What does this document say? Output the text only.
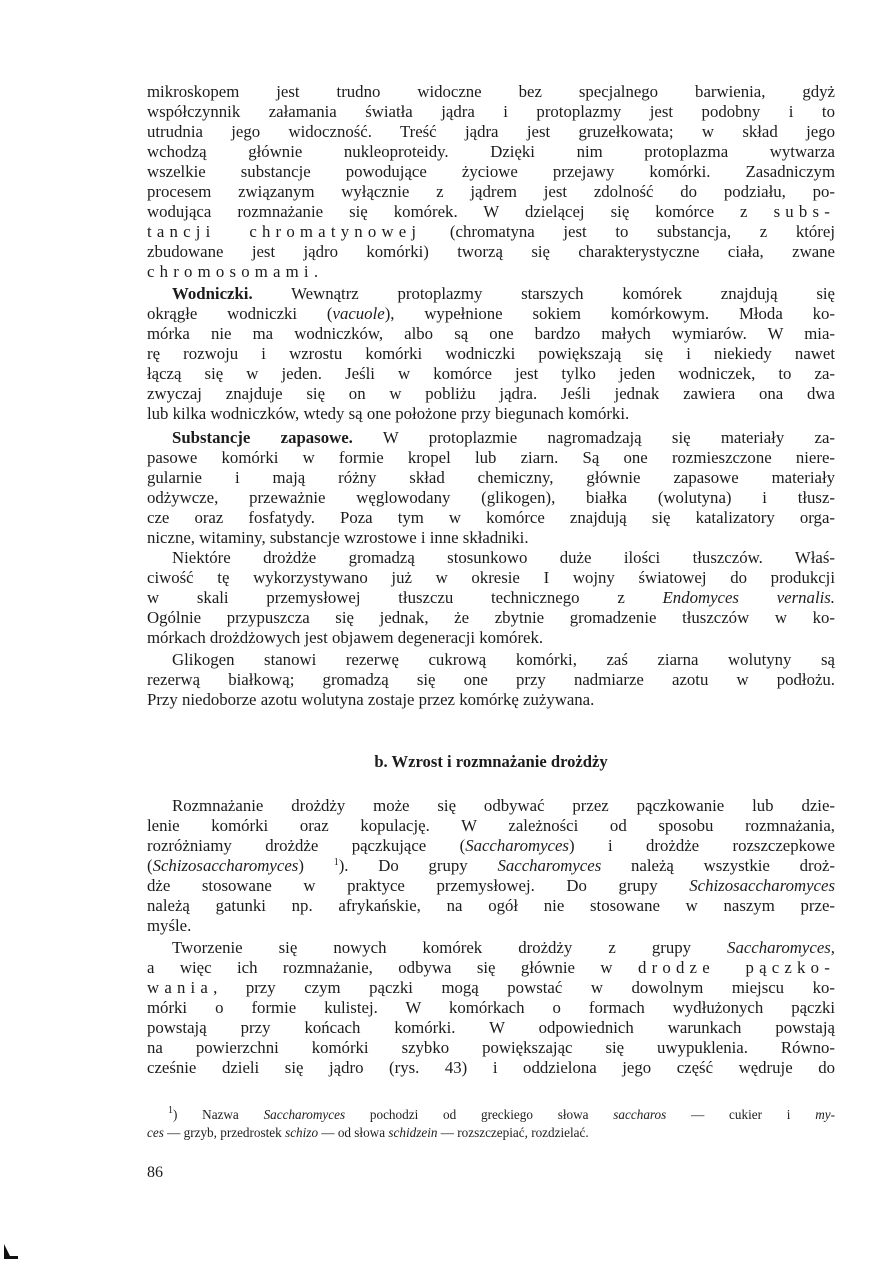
mikroskopem jest trudno widoczne bez specjalnego barwienia, gdyż
współczynnik załamania światła jądra i protoplazmy jest podobny i to
utrudnia jego widoczność. Treść jądra jest gruzełkowata; w skład jego
wchodzą głównie nukleoproteidy. Dzięki nim protoplazma wytwarza
wszelkie substancje powodujące życiowe przejawy komórki. Zasadniczym
procesem związanym wyłącznie z jądrem jest zdolność do podziału, po-
wodująca rozmnażanie się komórek. W dzielącej się komórce z subs-
tancji chromatynowej (chromatyna jest to substancja, z której
zbudowane jest jądro komórki) tworzą się charakterystyczne ciała, zwane
chromosomami.
Wodniczki. Wewnątrz protoplazmy starszych komórek znajdują się
okrągłe wodniczki (vacuole), wypełnione sokiem komórkowym. Młoda ko-
mórka nie ma wodniczków, albo są one bardzo małych wymiarów. W mia-
rę rozwoju i wzrostu komórki wodniczki powiększają się i niekiedy nawet
łączą się w jeden. Jeśli w komórce jest tylko jeden wodniczek, to za-
zwyczaj znajduje się on w pobliżu jądra. Jeśli jednak zawiera ona dwa
lub kilka wodniczków, wtedy są one położone przy biegunach komórki.
Substancje zapasowe. W protoplazmie nagromadzają się materiały za-
pasowe komórki w formie kropel lub ziarn. Są one rozmieszczone niere-
gularnie i mają różny skład chemiczny, głównie zapasowe materiały
odżywcze, przeważnie węglowodany (glikogen), białka (wolutyna) i tłusz-
cze oraz fosfatydy. Poza tym w komórce znajdują się katalizatory orga-
niczne, witaminy, substancje wzrostowe i inne składniki.
Niektóre drożdże gromadzą stosunkowo duże ilości tłuszczów. Właś-
ciwość tę wykorzystywano już w okresie I wojny światowej do produkcji
w skali przemysłowej tłuszczu technicznego z Endomyces vernalis.
Ogólnie przypuszcza się jednak, że zbytnie gromadzenie tłuszczów w ko-
mórkach drożdżowych jest objawem degeneracji komórek.
Glikogen stanowi rezerwę cukrową komórki, zaś ziarna wolutyny są
rezerwą białkową; gromadzą się one przy nadmiarze azotu w podłożu.
Przy niedoborze azotu wolutyna zostaje przez komórkę zużywana.
b. Wzrost i rozmnażanie drożdży
Rozmnażanie drożdży może się odbywać przez pączkowanie lub dzie-
lenie komórki oraz kopulację. W zależności od sposobu rozmnażania,
rozróżniamy drożdże pączkujące (Saccharomyces) i drożdże rozszczepkowe
(Schizosaccharomyces) $^1$). Do grupy Saccharomyces należą wszystkie droż-
dże stosowane w praktyce przemysłowej. Do grupy Schizosaccharomyces
należą gatunki np. afrykańskie, na ogół nie stosowane w naszym prze-
myśle.
Tworzenie się nowych komórek drożdży z grupy Saccharomyces,
a więc ich rozmnażanie, odbywa się głównie w drodze pączko-
wania, przy czym pączki mogą powstać w dowolnym miejscu ko-
mórki o formie kulistej. W komórkach o formach wydłużonych pączki
powstają przy końcach komórki. W odpowiednich warunkach powstają
na powierzchni komórki szybko powiększając się uwypuklenia. Równo-
cześnie dzieli się jądro (rys. 43) i oddzielona jego część wędruje do
$^1$) Nazwa Saccharomyces pochodzi od greckiego słowa saccharos — cukier i my-
ces — grzyb, przedrostek schizo — od słowa schidzein — rozszczepiać, rozdzielać.
86
